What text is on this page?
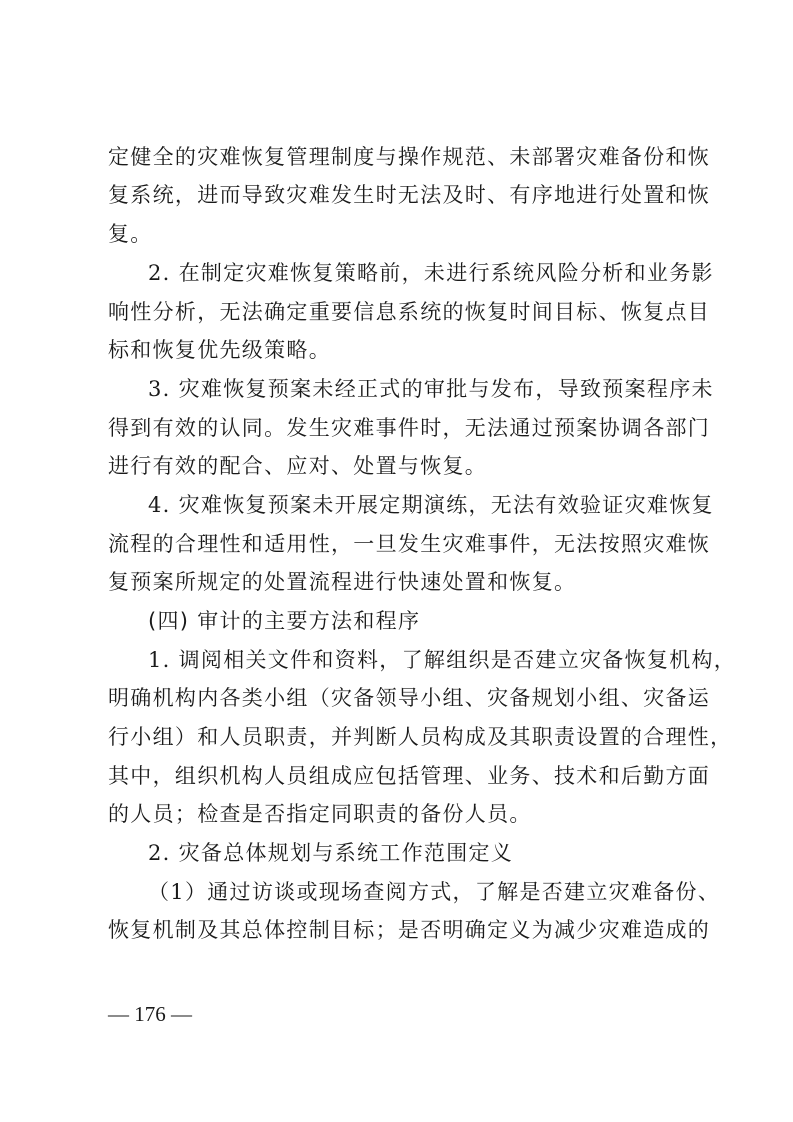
定健全的灾难恢复管理制度与操作规范、未部署灾难备份和恢
复系统，进而导致灾难发生时无法及时、有序地进行处置和恢
复。
2. 在制定灾难恢复策略前，未进行系统风险分析和业务影
响性分析，无法确定重要信息系统的恢复时间目标、恢复点目
标和恢复优先级策略。
3. 灾难恢复预案未经正式的审批与发布，导致预案程序未
得到有效的认同。发生灾难事件时，无法通过预案协调各部门
进行有效的配合、应对、处置与恢复。
4. 灾难恢复预案未开展定期演练，无法有效验证灾难恢复
流程的合理性和适用性，一旦发生灾难事件，无法按照灾难恢
复预案所规定的处置流程进行快速处置和恢复。
(四) 审计的主要方法和程序
1. 调阅相关文件和资料，了解组织是否建立灾备恢复机构，
明确机构内各类小组（灾备领导小组、灾备规划小组、灾备运
行小组）和人员职责，并判断人员构成及其职责设置的合理性，
其中，组织机构人员组成应包括管理、业务、技术和后勤方面
的人员；检查是否指定同职责的备份人员。
2. 灾备总体规划与系统工作范围定义
（1）通过访谈或现场查阅方式，了解是否建立灾难备份、
恢复机制及其总体控制目标；是否明确定义为减少灾难造成的
— 176 —
